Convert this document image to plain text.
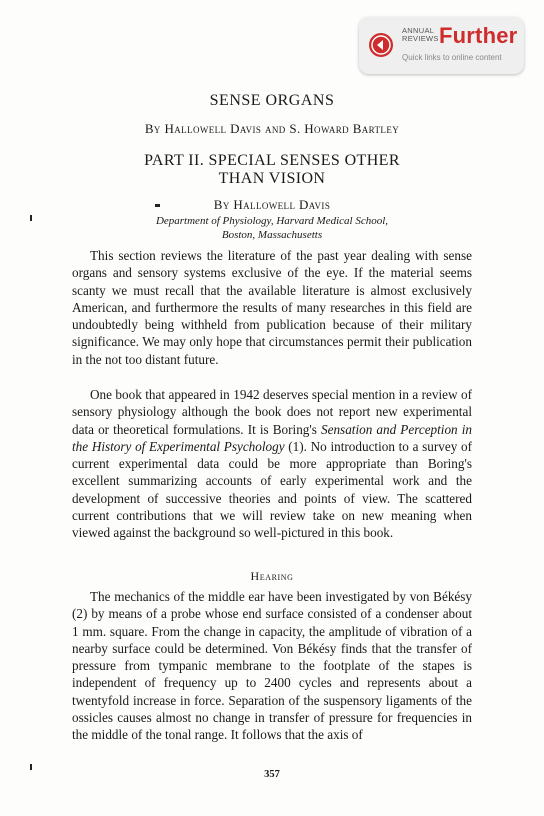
ANNUAL REVIEWS Further
Quick links to online content
SENSE ORGANS
By Hallowell Davis and S. Howard Bartley
PART II. SPECIAL SENSES OTHER THAN VISION
By Hallowell Davis
Department of Physiology, Harvard Medical School,
Boston, Massachusetts

This section reviews the literature of the past year dealing with sense organs and sensory systems exclusive of the eye. If the material seems scanty we must recall that the available literature is almost exclusively American, and furthermore the results of many researches in this field are undoubtedly being withheld from publication because of their military significance. We may only hope that circumstances permit their publication in the not too distant future.

One book that appeared in 1942 deserves special mention in a review of sensory physiology although the book does not report new experimental data or theoretical formulations. It is Boring's Sensation and Perception in the History of Experimental Psychology (1). No introduction to a survey of current experimental data could be more appropriate than Boring's excellent summarizing accounts of early experimental work and the development of successive theories and points of view. The scattered current contributions that we will review take on new meaning when viewed against the background so well-pictured in this book.

Hearing

The mechanics of the middle ear have been investigated by von Békésy (2) by means of a probe whose end surface consisted of a condenser about 1 mm. square. From the change in capacity, the amplitude of vibration of a nearby surface could be determined. Von Békésy finds that the transfer of pressure from tympanic membrane to the footplate of the stapes is independent of frequency up to 2400 cycles and represents about a twentyfold increase in force. Separation of the suspensory ligaments of the ossicles causes almost no change in transfer of pressure for frequencies in the middle of the tonal range. It follows that the axis of

357
